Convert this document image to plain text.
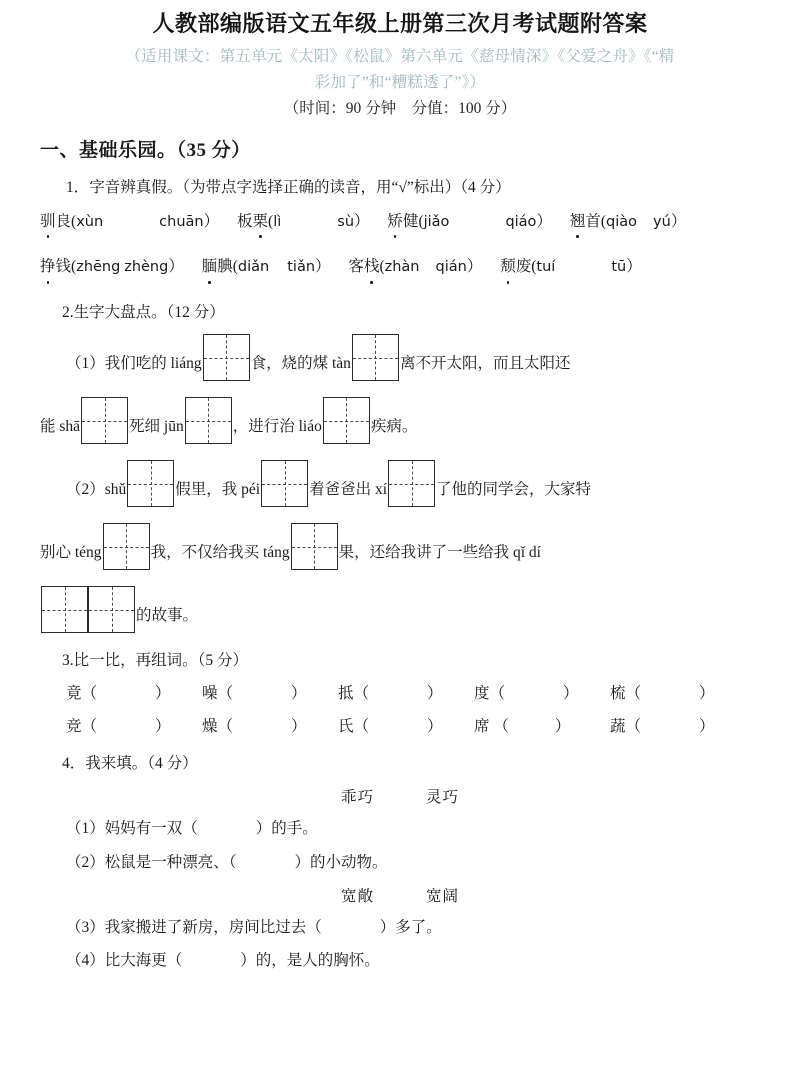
人教部编版语文五年级上册第三次月考试题附答案
（适用课文：第五单元《太阳》《松鼠》第六单元《慈母情深》《父爱之舟》《“精
彩加了”和“糟糕透了”》）
（时间：90 分钟　分值：100 分）
一、基础乐园。（35 分）
1．字音辨真假。（为带点字选择正确的读音，用“√”标出）（4 分）
驯良(xùn	chuān） 板栗(lì	sù） 矫健(jiǎo	qiáo） 翘首(qiào yú）
挣钱(zhēng zhèng） 腼腆(diǎn tiǎn） 客栈(zhàn qián） 颓废(tuí	tū）
2.生字大盘点。（12 分）
（1）我们吃的 liáng	食，烧的煤 tàn	离不开太阳，而且太阳还
能 shā	死细 jūn	，进行治 liáo	疾病。
（2）shǔ	假里，我 péi	着爸爸出 xí	了他的同学会，大家特
别心 téng	我，不仅给我买 táng	果，还给我讲了一些给我 qǐ dí
的故事。
3.比一比，再组词。（5 分）
竟（	） 噪（	） 抵（	） 度（	） 梳（	）
竞（	） 燥（	） 氏（	） 席 （	）	蔬（	）
4．我来填。（4 分）
乖巧	灵巧
（1）妈妈有一双（	）的手。
（2）松鼠是一种漂亮、（	）的小动物。
宽敞	宽阔
（3）我家搬进了新房，房间比过去（	）多了。
（4）比大海更（	）的，是人的胸怀。
